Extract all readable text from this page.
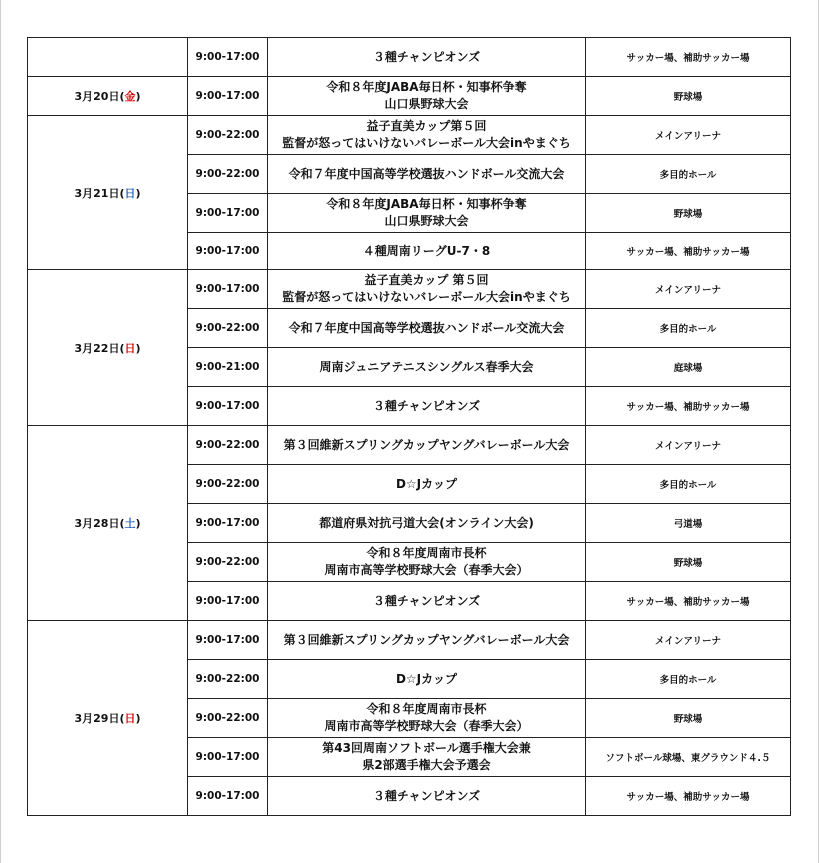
	9:00-17:00	３種チャンピオンズ	サッカー場、補助サッカー場
3月20日(金)	9:00-17:00	令和８年度JABA毎日杯・知事杯争奪
山口県野球大会	野球場
3月21日(日)	9:00-22:00	益子直美カップ第５回
監督が怒ってはいけないバレーボール大会inやまぐち	メインアリーナ
	9:00-22:00	令和７年度中国高等学校選抜ハンドボール交流大会	多目的ホール
	9:00-17:00	令和８年度JABA毎日杯・知事杯争奪
山口県野球大会	野球場
	9:00-17:00	４種周南リーグU-7・8	サッカー場、補助サッカー場
3月22日(日)	9:00-17:00	益子直美カップ 第５回
監督が怒ってはいけないバレーボール大会inやまぐち	メインアリーナ
	9:00-22:00	令和７年度中国高等学校選抜ハンドボール交流大会	多目的ホール
	9:00-21:00	周南ジュニアテニスシングルス春季大会	庭球場
	9:00-17:00	３種チャンピオンズ	サッカー場、補助サッカー場
3月28日(土)	9:00-22:00	第３回維新スプリングカップヤングバレーボール大会	メインアリーナ
	9:00-22:00	D☆Jカップ	多目的ホール
	9:00-17:00	都道府県対抗弓道大会(オンライン大会)	弓道場
	9:00-22:00	令和８年度周南市長杯
周南市高等学校野球大会（春季大会）	野球場
	9:00-17:00	３種チャンピオンズ	サッカー場、補助サッカー場
3月29日(日)	9:00-17:00	第３回維新スプリングカップヤングバレーボール大会	メインアリーナ
	9:00-22:00	D☆Jカップ	多目的ホール
	9:00-22:00	令和８年度周南市長杯
周南市高等学校野球大会（春季大会）	野球場
	9:00-17:00	第43回周南ソフトボール選手権大会兼
県2部選手権大会予選会	ソフトボール球場、東グラウンド４.５
	9:00-17:00	３種チャンピオンズ	サッカー場、補助サッカー場
